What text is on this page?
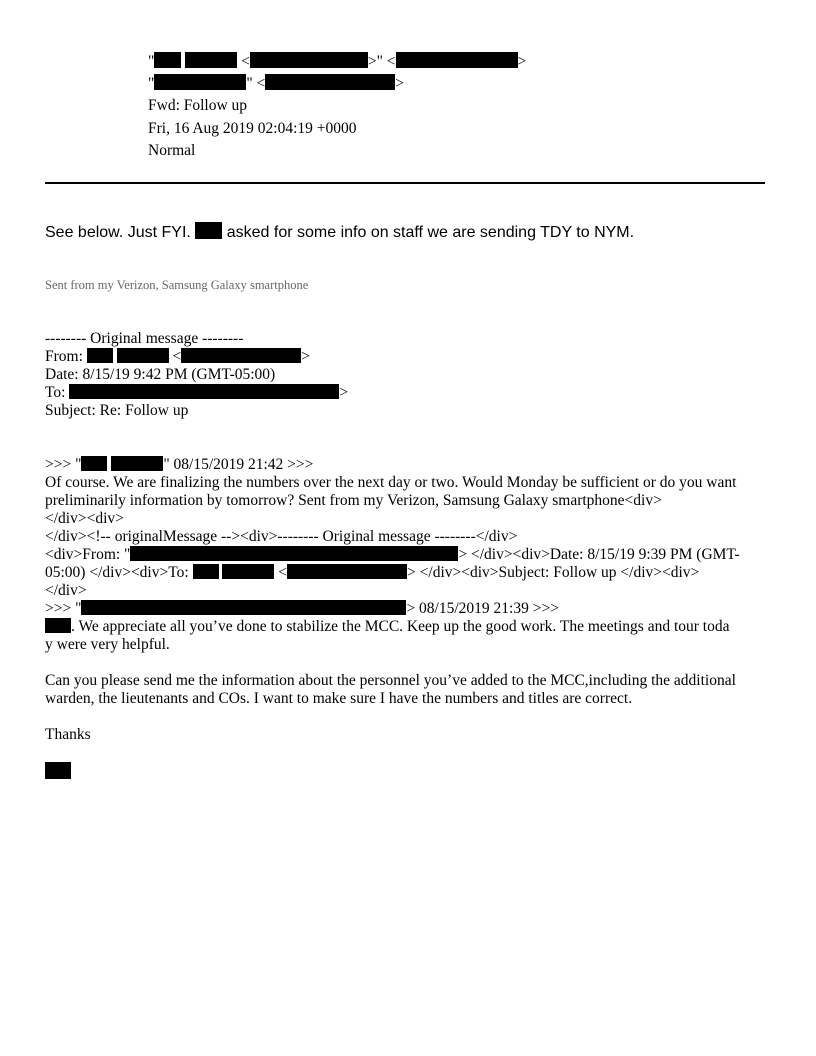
"	<	>" <	>
"	" <	>
Fwd: Follow up
Fri, 16 Aug 2019 02:04:19 +0000
Normal
See below. Just FYI.  asked for some info on staff we are sending TDY to NYM.
Sent from my Verizon, Samsung Galaxy smartphone
-------- Original message --------
From:	<	>
Date: 8/15/19 9:42 PM (GMT-05:00)
To:	>
Subject: Re: Follow up
>>> "	" 08/15/2019 21:42 >>>
Of course. We are finalizing the numbers over the next day or two. Would Monday be sufficient or do you want preliminarily information by tomorrow? Sent from my Verizon, Samsung Galaxy smartphone<div>
</div><div>
</div><!-- originalMessage --><div>-------- Original message --------</div>
<div>From: "	> </div><div>Date: 8/15/19 9:39 PM (GMT-
05:00) </div><div>To:	<	> </div><div>Subject: Follow up </div><div>
</div>
>>> "	> 08/15/2019 21:39 >>>
. We appreciate all you’ve done to stabilize the MCC. Keep up the good work. The meetings and tour toda
y were very helpful.
Can you please send me the information about the personnel you’ve added to the MCC,including the additional warden, the lieutenants and COs. I want to make sure I have the numbers and titles are correct.
Thanks
